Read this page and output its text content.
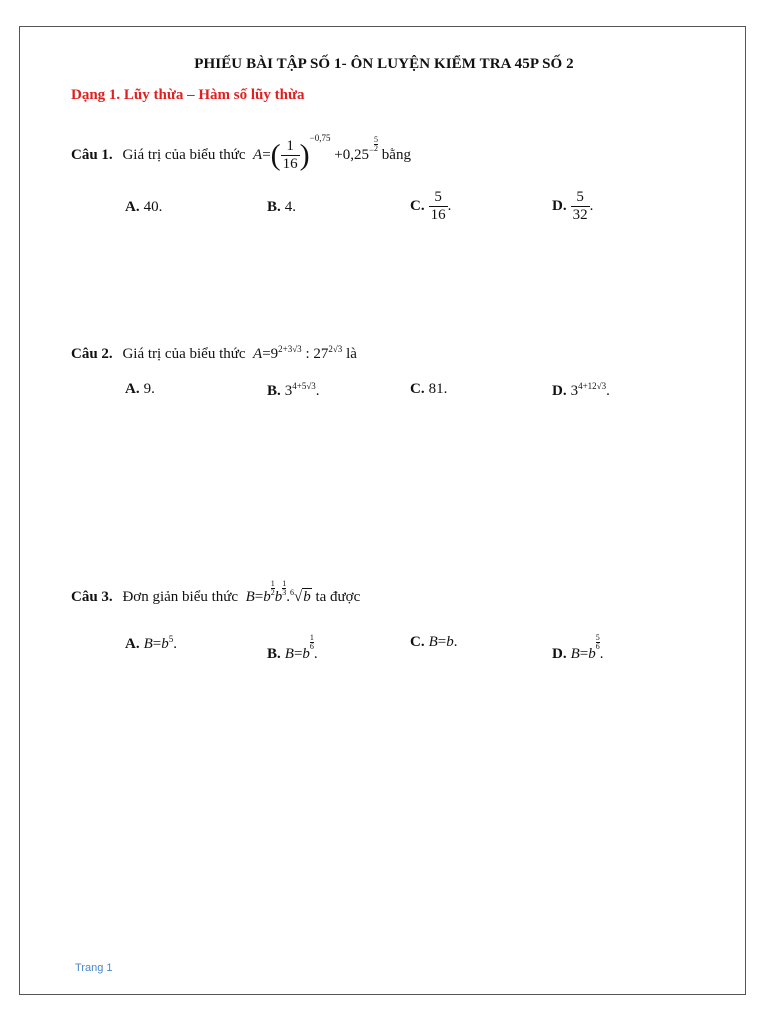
PHIẾU BÀI TẬP SỐ 1- ÔN LUYỆN KIỂM TRA 45P SỐ 2
Dạng 1. Lũy thừa – Hàm số lũy thừa
Câu 1. Giá trị của biểu thức  $A=( \frac{1}{16} )^{-0,75} +0,25^- \frac{5}{2}$
bằng
A. 40.	B. 4.	C. $\frac{5}{16}$ .	D. $\frac{5}{32}$ .
Câu 2. Giá trị của biểu thức  $A=9^{2+3√3}$ : $27^{2√3}$ là
A. 9.	B. $3^{4+5√3}$.	C. 81.	D. $3^{4+12√3}$.
Câu 3. Đơn giản biểu thức  $B=b \frac{1}{2}$ b $\frac{1}{3} .^6√b$ ta được
A. $B=b^5$.
B. B=b
$\frac{1}{6}$
.
C. B=b.
D. B=b
$\frac{5}{6}$
.
Trang 1
